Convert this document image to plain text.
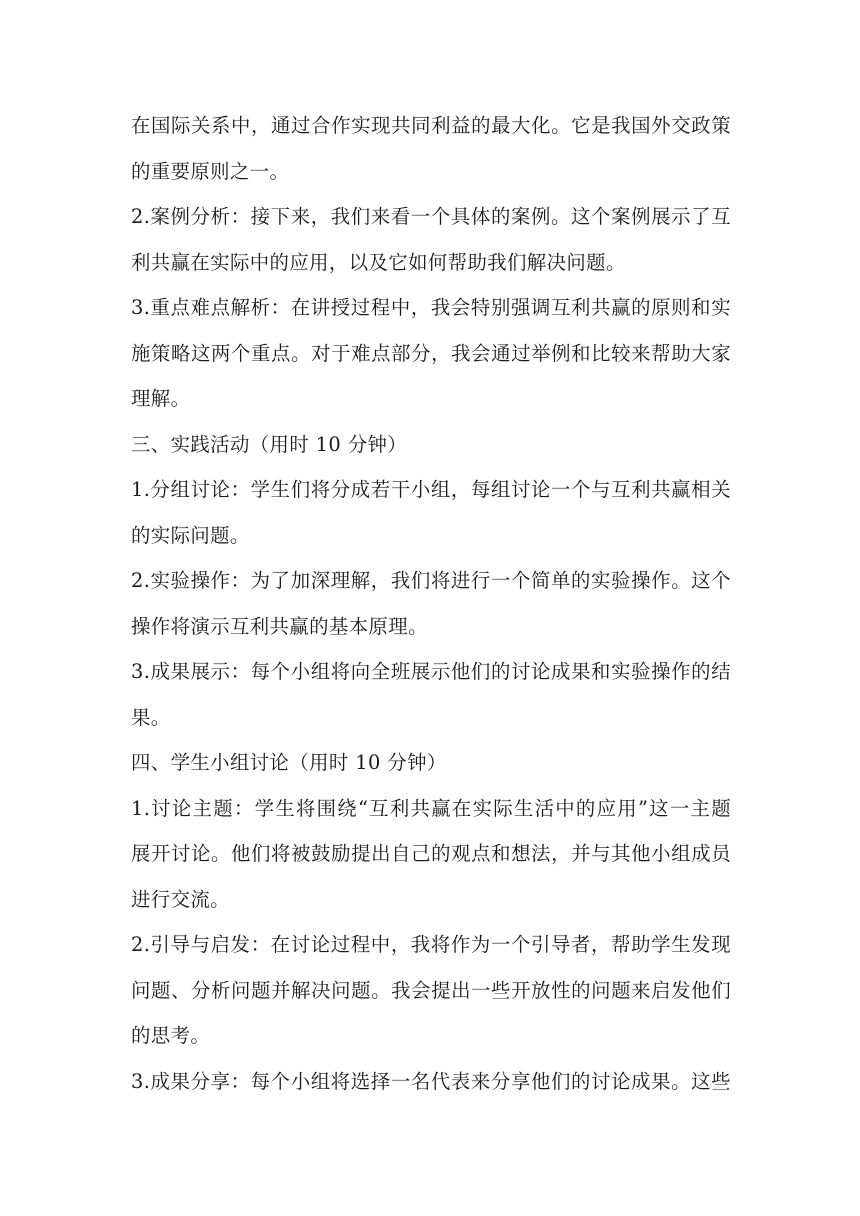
在国际关系中，通过合作实现共同利益的最大化。它是我国外交政策
的重要原则之一。

2.案例分析：接下来，我们来看一个具体的案例。这个案例展示了互
利共赢在实际中的应用，以及它如何帮助我们解决问题。

3.重点难点解析：在讲授过程中，我会特别强调互利共赢的原则和实
施策略这两个重点。对于难点部分，我会通过举例和比较来帮助大家
理解。

三、实践活动（用时 10 分钟）

1.分组讨论：学生们将分成若干小组，每组讨论一个与互利共赢相关
的实际问题。

2.实验操作：为了加深理解，我们将进行一个简单的实验操作。这个
操作将演示互利共赢的基本原理。

3.成果展示：每个小组将向全班展示他们的讨论成果和实验操作的结
果。

四、学生小组讨论（用时 10 分钟）

1.讨论主题：学生将围绕“互利共赢在实际生活中的应用”这一主题
展开讨论。他们将被鼓励提出自己的观点和想法，并与其他小组成员
进行交流。

2.引导与启发：在讨论过程中，我将作为一个引导者，帮助学生发现
问题、分析问题并解决问题。我会提出一些开放性的问题来启发他们
的思考。

3.成果分享：每个小组将选择一名代表来分享他们的讨论成果。这些
